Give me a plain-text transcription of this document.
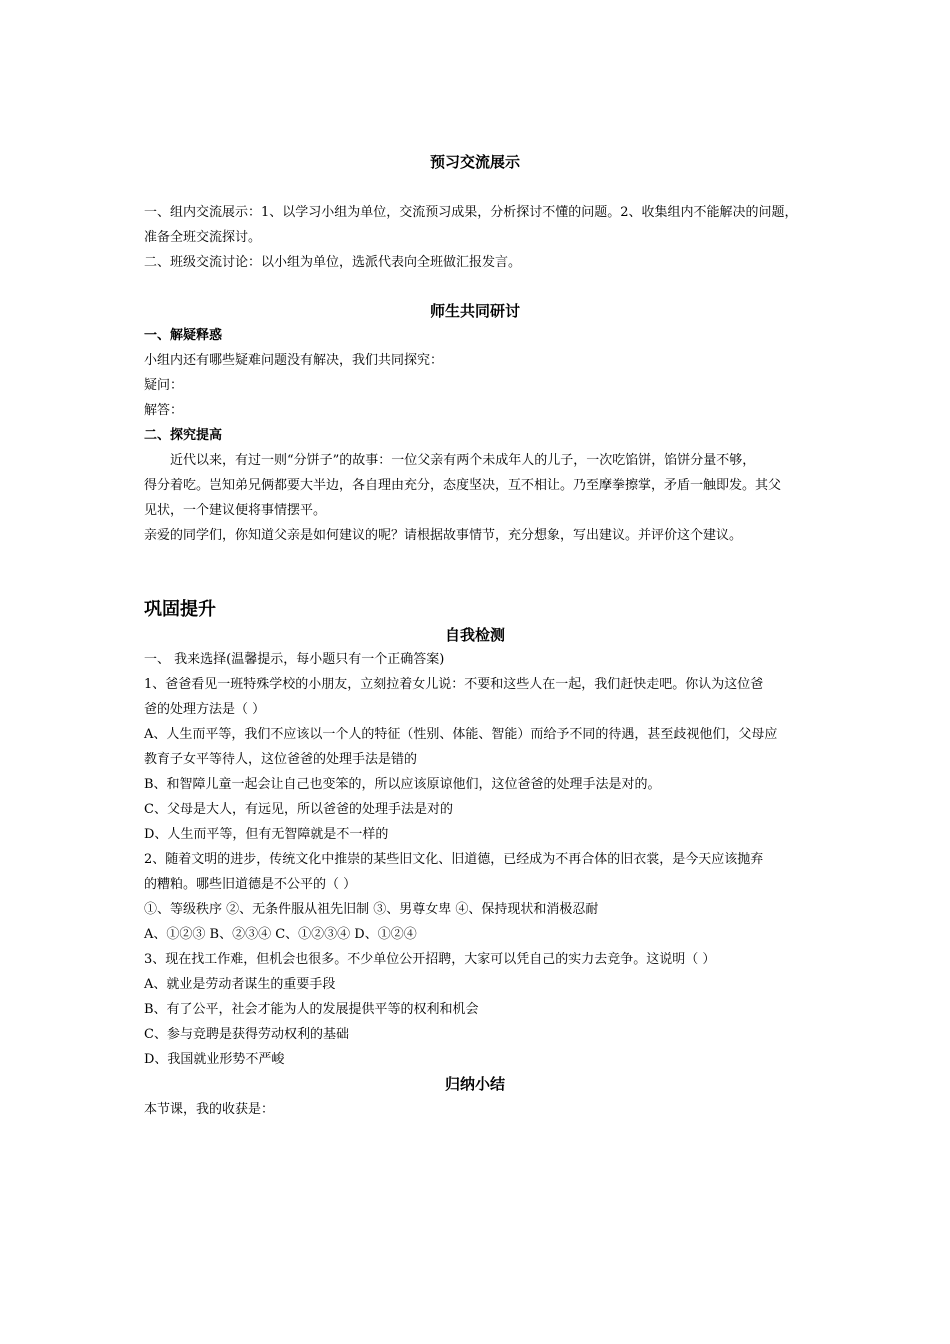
预习交流展示
一、组内交流展示：1、以学习小组为单位，交流预习成果，分析探讨不懂的问题。2、收集组内不能解决的问题，
准备全班交流探讨。
二、班级交流讨论：以小组为单位，选派代表向全班做汇报发言。
师生共同研讨
一、解疑释惑
小组内还有哪些疑难问题没有解决，我们共同探究：
疑问：
解答：
二、探究提高
近代以来，有过一则“分饼子”的故事：一位父亲有两个未成年人的儿子，一次吃馅饼，馅饼分量不够，
得分着吃。岂知弟兄俩都要大半边，各自理由充分，态度坚决，互不相让。乃至摩拳擦掌，矛盾一触即发。其父
见状，一个建议便将事情摆平。
亲爱的同学们，你知道父亲是如何建议的呢？请根据故事情节，充分想象，写出建议。并评价这个建议。
巩固提升
自我检测
一、 我来选择(温馨提示，每小题只有一个正确答案)
1、爸爸看见一班特殊学校的小朋友，立刻拉着女儿说：不要和这些人在一起，我们赶快走吧。你认为这位爸
爸的处理方法是（ ）
A、人生而平等，我们不应该以一个人的特征（性别、体能、智能）而给予不同的待遇，甚至歧视他们，父母应
教育子女平等待人，这位爸爸的处理手法是错的
B、和智障儿童一起会让自己也变笨的，所以应该原谅他们，这位爸爸的处理手法是对的。
C、父母是大人，有远见，所以爸爸的处理手法是对的
D、人生而平等，但有无智障就是不一样的
2、随着文明的进步，传统文化中推崇的某些旧文化、旧道德，已经成为不再合体的旧衣裳，是今天应该抛弃
的糟粕。哪些旧道德是不公平的（ ）
①、等级秩序 ②、无条件服从祖先旧制 ③、男尊女卑 ④、保持现状和消极忍耐
A、①②③ B、②③④ C、①②③④ D、①②④
3、现在找工作难，但机会也很多。不少单位公开招聘，大家可以凭自己的实力去竞争。这说明（ ）
A、就业是劳动者谋生的重要手段
B、有了公平，社会才能为人的发展提供平等的权利和机会
C、参与竞聘是获得劳动权利的基础
D、我国就业形势不严峻
归纳小结
本节课，我的收获是：
